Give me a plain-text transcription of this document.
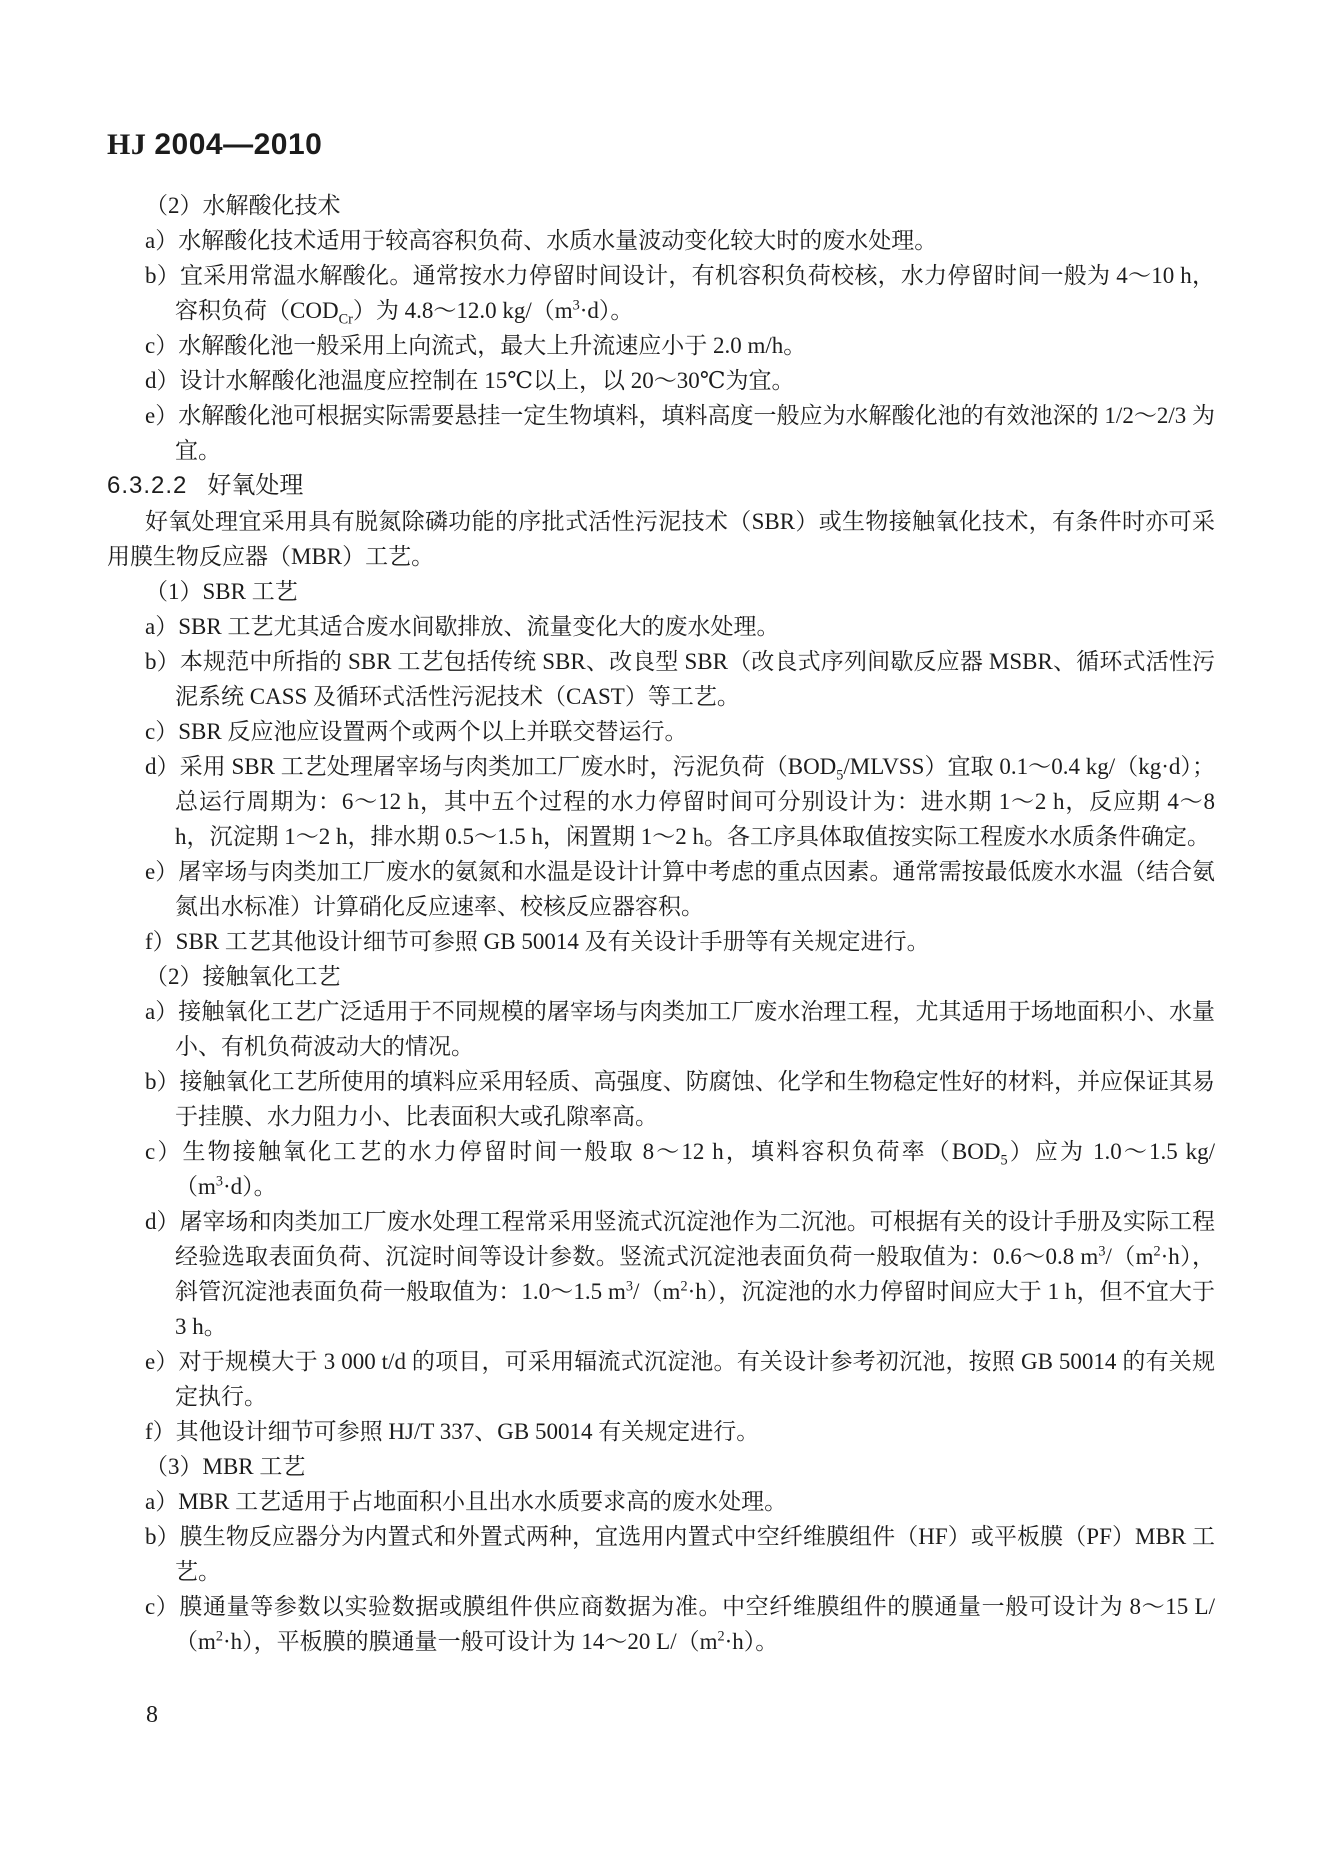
HJ 2004—2010
（2）水解酸化技术
a）水解酸化技术适用于较高容积负荷、水质水量波动变化较大时的废水处理。
b）宜采用常温水解酸化。通常按水力停留时间设计，有机容积负荷校核，水力停留时间一般为 4～10 h，容积负荷$(COD_{Cr})$为 4.8～12.0 $kg/(m^3\cdot d)$。
c）水解酸化池一般采用上向流式，最大上升流速应小于 2.0 m/h。
d）设计水解酸化池温度应控制在 15℃以上，以 20～30℃为宜。
e）水解酸化池可根据实际需要悬挂一定生物填料，填料高度一般应为水解酸化池的有效池深的 1/2～2/3 为宜。
6.3.2.2 好氧处理
好氧处理宜采用具有脱氮除磷功能的序批式活性污泥技术（SBR）或生物接触氧化技术，有条件时亦可采用膜生物反应器（MBR）工艺。
（1）SBR 工艺
a）SBR 工艺尤其适合废水间歇排放、流量变化大的废水处理。
b）本规范中所指的 SBR 工艺包括传统 SBR、改良型 SBR（改良式序列间歇反应器 MSBR、循环式活性污泥系统 CASS 及循环式活性污泥技术（CAST）等工艺。
c）SBR 反应池应设置两个或两个以上并联交替运行。
d）采用 SBR 工艺处理屠宰场与肉类加工厂废水时，污泥负荷$(BOD_5/MLVSS)$宜取 0.1～0.4 kg/（kg·d）；总运行周期为：6～12 h，其中五个过程的水力停留时间可分别设计为：进水期 1～2 h，反应期 4～8 h，沉淀期 1～2 h，排水期 0.5～1.5 h，闲置期 1～2 h。各工序具体取值按实际工程废水水质条件确定。
e）屠宰场与肉类加工厂废水的氨氮和水温是设计计算中考虑的重点因素。通常需按最低废水水温（结合氨氮出水标准）计算硝化反应速率、校核反应器容积。
f）SBR 工艺其他设计细节可参照 GB 50014 及有关设计手册等有关规定进行。
（2）接触氧化工艺
a）接触氧化工艺广泛适用于不同规模的屠宰场与肉类加工厂废水治理工程，尤其适用于场地面积小、水量小、有机负荷波动大的情况。
b）接触氧化工艺所使用的填料应采用轻质、高强度、防腐蚀、化学和生物稳定性好的材料，并应保证其易于挂膜、水力阻力小、比表面积大或孔隙率高。
c）生物接触氧化工艺的水力停留时间一般取 8～12 h，填料容积负荷率$(BOD_5)$应为 1.0～1.5 $kg/(m^3\cdot d)$。
d）屠宰场和肉类加工厂废水处理工程常采用竖流式沉淀池作为二沉池。可根据有关的设计手册及实际工程经验选取表面负荷、沉淀时间等设计参数。竖流式沉淀池表面负荷一般取值为：0.6～0.8 $m^3/(m^2\cdot h)$，斜管沉淀池表面负荷一般取值为：1.0～1.5 $m^3/(m^2\cdot h)$，沉淀池的水力停留时间应大于 1 h，但不宜大于 3 h。
e）对于规模大于 3 000 t/d 的项目，可采用辐流式沉淀池。有关设计参考初沉池，按照 GB 50014 的有关规定执行。
f）其他设计细节可参照 HJ/T 337、GB 50014 有关规定进行。
（3）MBR 工艺
a）MBR 工艺适用于占地面积小且出水水质要求高的废水处理。
b）膜生物反应器分为内置式和外置式两种，宜选用内置式中空纤维膜组件（HF）或平板膜（PF）MBR 工艺。
c）膜通量等参数以实验数据或膜组件供应商数据为准。中空纤维膜组件的膜通量一般可设计为 8～15 $L/(m^2\cdot h)$，平板膜的膜通量一般可设计为 14～20 $L/(m^2\cdot h)$。
8
